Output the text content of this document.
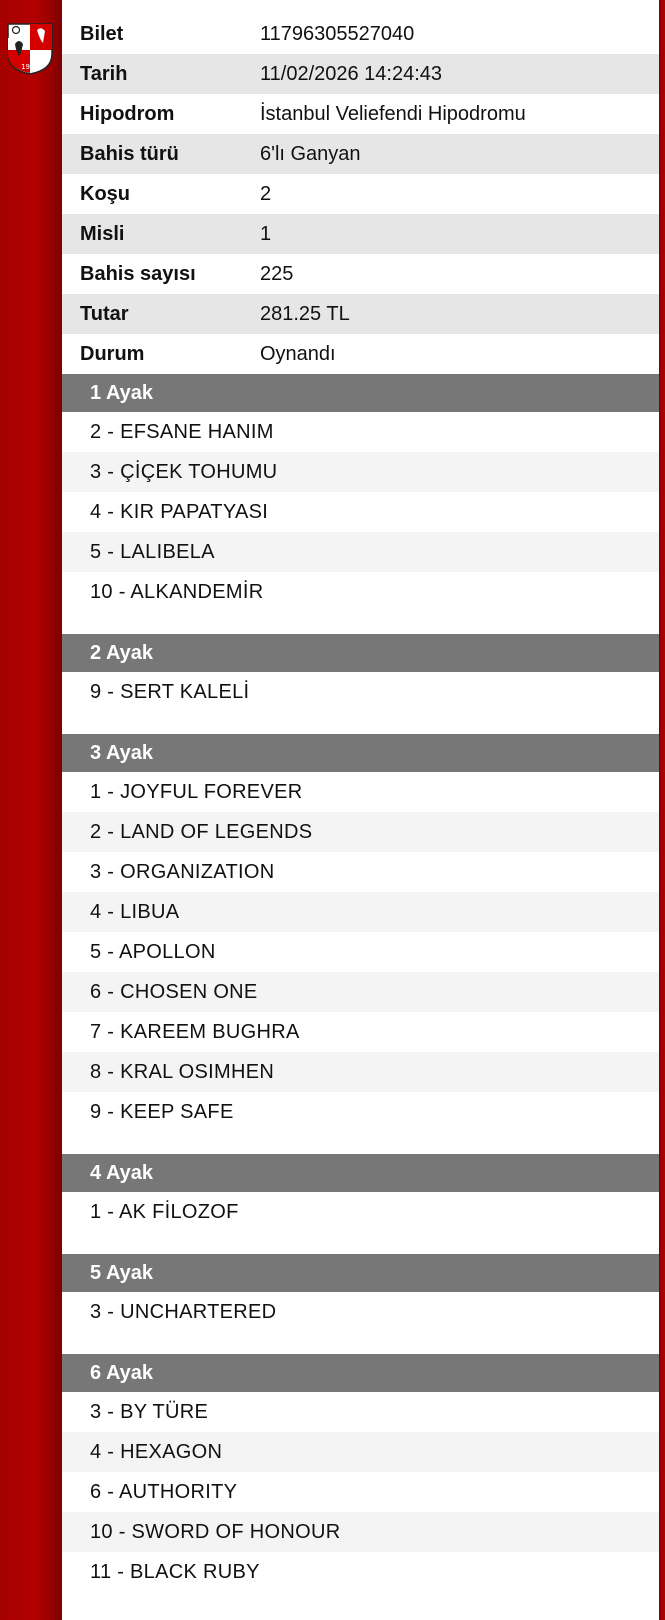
1950
Bilet	11796305527040
Tarih	11/02/2026 14:24:43
Hipodrom	İstanbul Veliefendi Hipodromu
Bahis türü	6'lı Ganyan
Koşu	2
Misli	1
Bahis sayısı	225
Tutar	281.25 TL
Durum	Oynandı
1 Ayak
2 - EFSANE HANIM
3 - ÇİÇEK TOHUMU
4 - KIR PAPATYASI
5 - LALIBELA
10 - ALKANDEMİR
2 Ayak
9 - SERT KALELİ
3 Ayak
1 - JOYFUL FOREVER
2 - LAND OF LEGENDS
3 - ORGANIZATION
4 - LIBUA
5 - APOLLON
6 - CHOSEN ONE
7 - KAREEM BUGHRA
8 - KRAL OSIMHEN
9 - KEEP SAFE
4 Ayak
1 - AK FİLOZOF
5 Ayak
3 - UNCHARTERED
6 Ayak
3 - BY TÜRE
4 - HEXAGON
6 - AUTHORITY
10 - SWORD OF HONOUR
11 - BLACK RUBY
